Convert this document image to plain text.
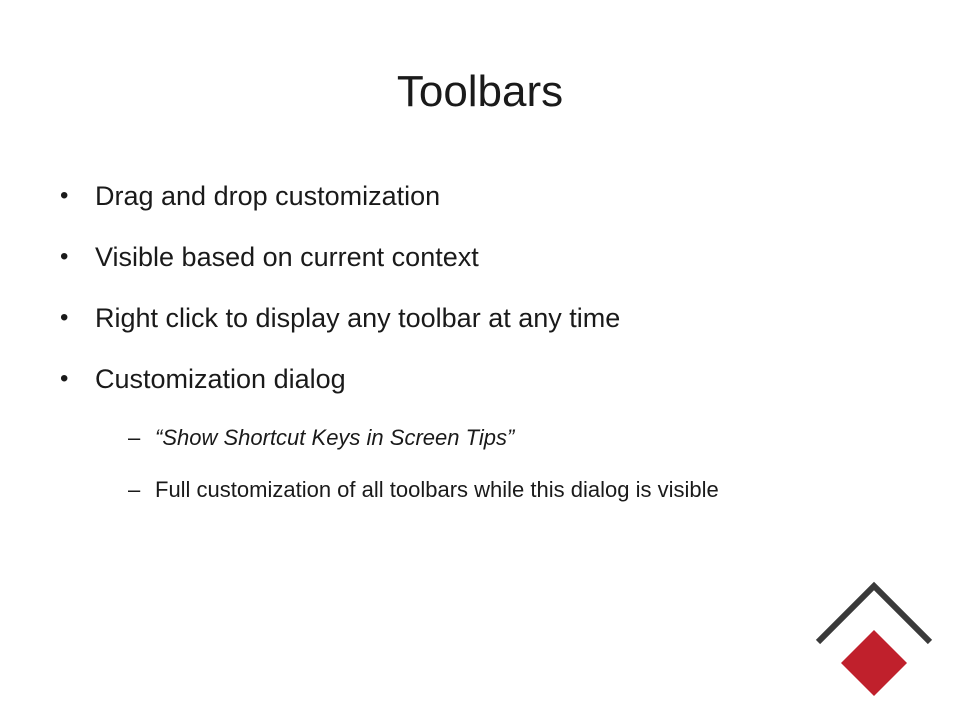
Toolbars
• Drag and drop customization
• Visible based on current context
• Right click to display any toolbar at any time
• Customization dialog
– “Show Shortcut Keys in Screen Tips”
– Full customization of all toolbars while this dialog is visible
